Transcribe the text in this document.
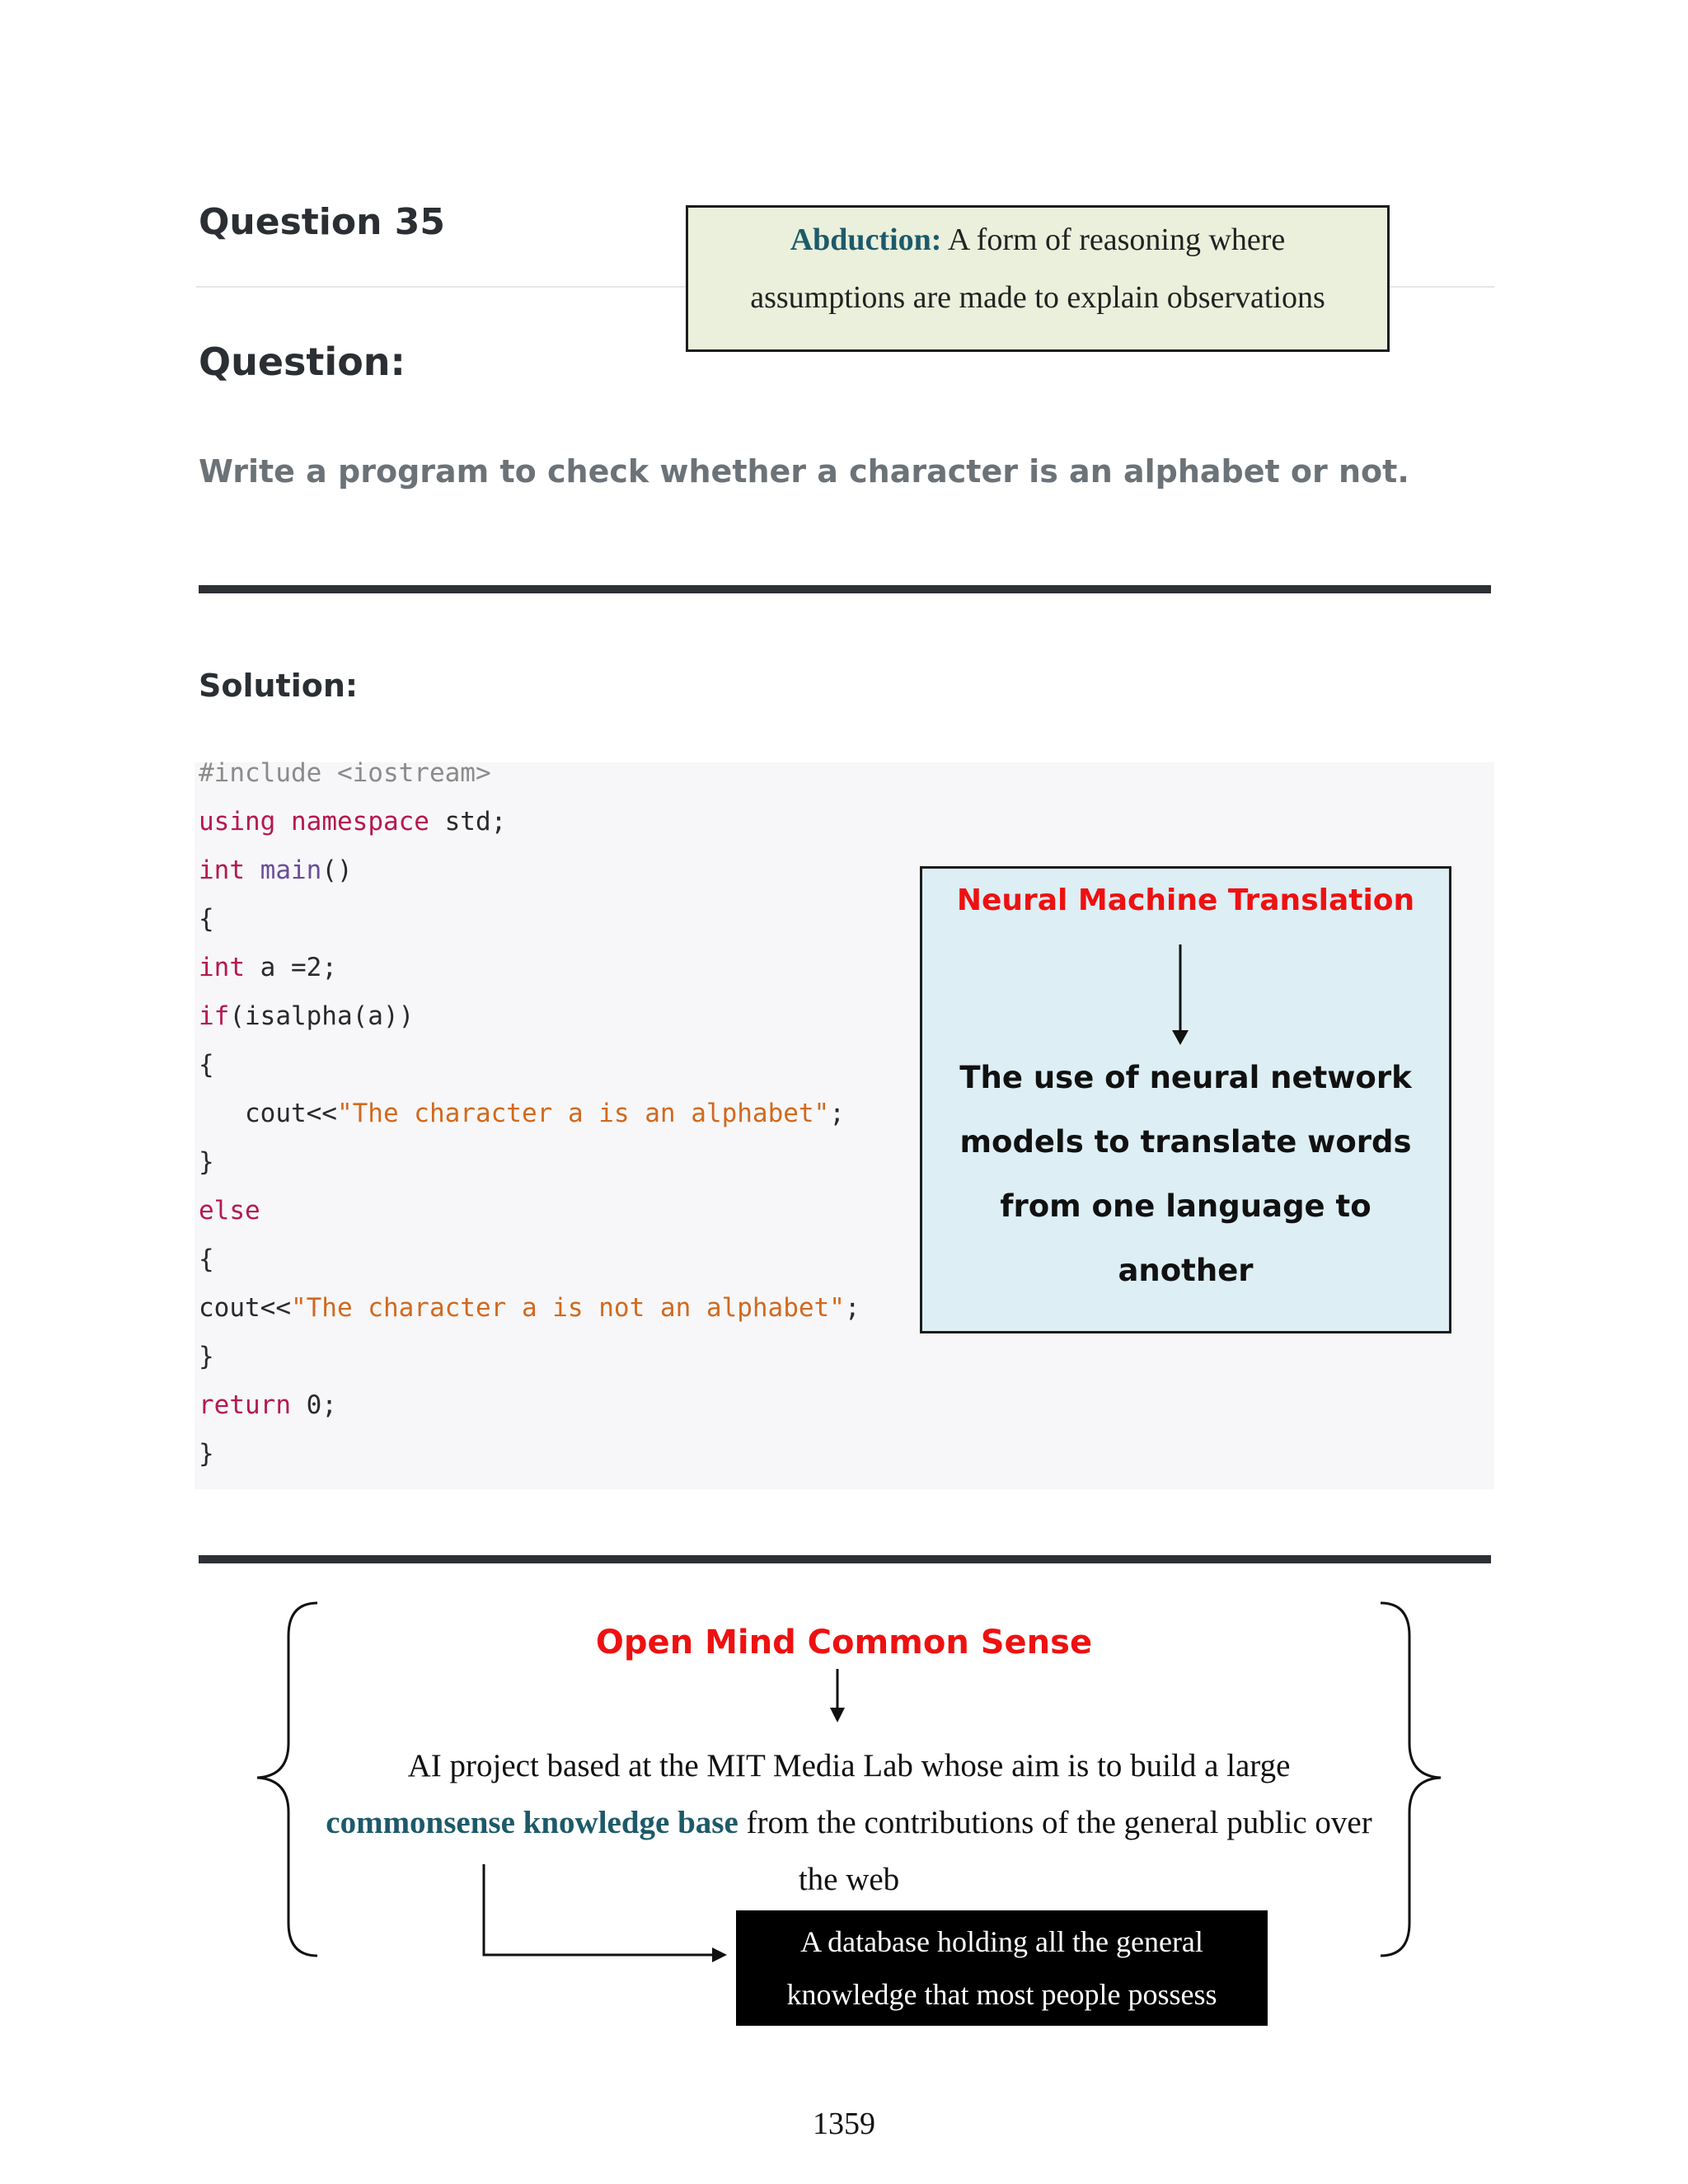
Question 35	Abduction: A form of reasoning where
assumptions are made to explain observations
Question:
Write a program to check whether a character is an alphabet or not.
Solution:
#include <iostream>
using namespace std;
int main()
{
int a =2;
if(isalpha(a))
{
cout<<"The character a is an alphabet";
}
else
{
cout<<"The character a is not an alphabet";
}
return 0;
}
Neural Machine Translation
The use of neural network models to translate words from one language to another
Open Mind Common Sense
AI project based at the MIT Media Lab whose aim is to build a large commonsense knowledge base from the contributions of the general public over the web
A database holding all the general
knowledge that most people possess
1359
